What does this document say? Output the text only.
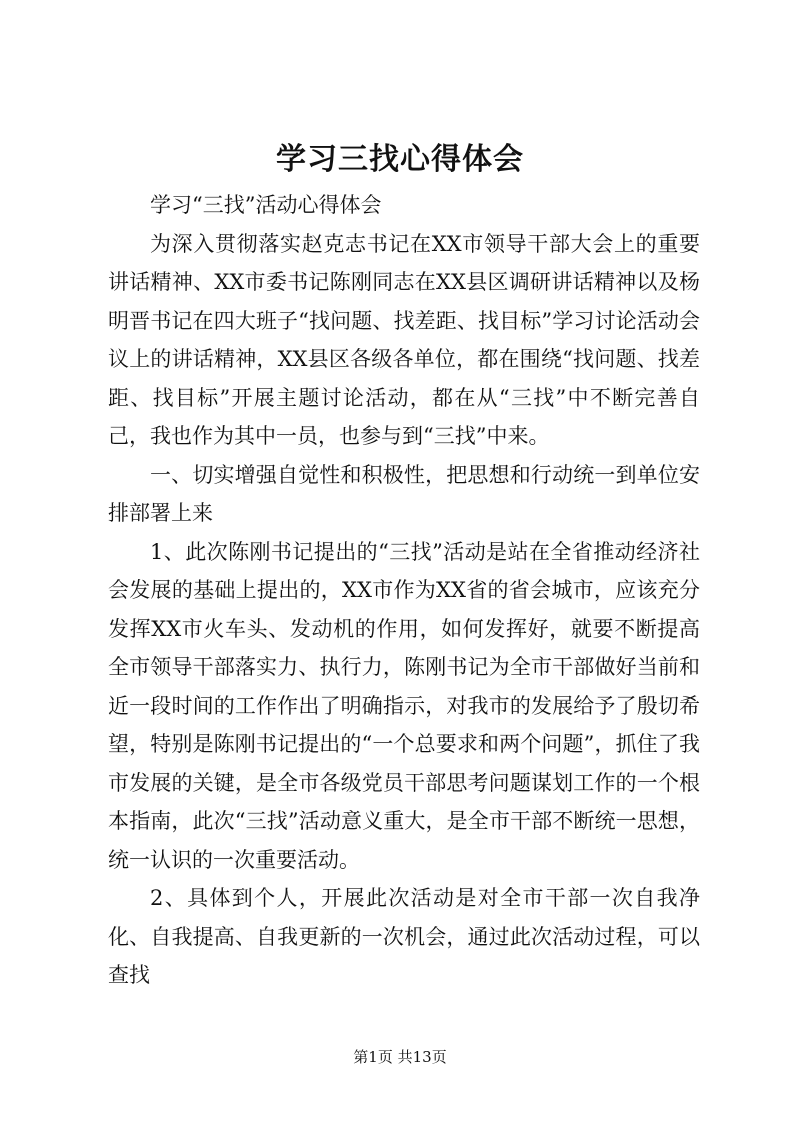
学习三找心得体会

学习“三找”活动心得体会

为深入贯彻落实赵克志书记在XX市领导干部大会上的重要讲话精神、XX市委书记陈刚同志在XX县区调研讲话精神以及杨明晋书记在四大班子“找问题、找差距、找目标”学习讨论活动会议上的讲话精神，XX县区各级各单位，都在围绕“找问题、找差距、找目标”开展主题讨论活动，都在从“三找”中不断完善自己，我也作为其中一员，也参与到“三找”中来。

一、切实增强自觉性和积极性，把思想和行动统一到单位安排部署上来

1、此次陈刚书记提出的“三找”活动是站在全省推动经济社会发展的基础上提出的，XX市作为XX省的省会城市，应该充分发挥XX市火车头、发动机的作用，如何发挥好，就要不断提高全市领导干部落实力、执行力，陈刚书记为全市干部做好当前和近一段时间的工作作出了明确指示，对我市的发展给予了殷切希望，特别是陈刚书记提出的“一个总要求和两个问题”，抓住了我市发展的关键，是全市各级党员干部思考问题谋划工作的一个根本指南，此次“三找”活动意义重大，是全市干部不断统一思想，统一认识的一次重要活动。

2、具体到个人，开展此次活动是对全市干部一次自我净化、自我提高、自我更新的一次机会，通过此次活动过程，可以查找

第1页 共13页
